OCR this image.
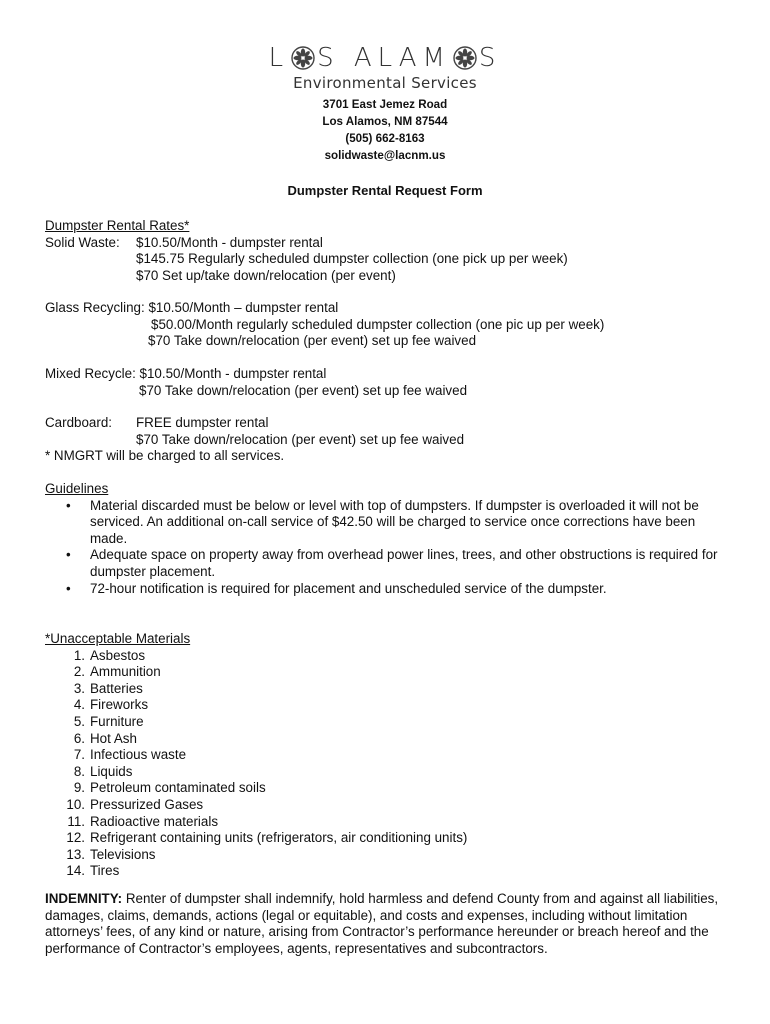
L S ALAM S
Environmental Services
3701 East Jemez Road
Los Alamos, NM 87544
(505) 662-8163
solidwaste@lacnm.us
Dumpster Rental Request Form
Dumpster Rental Rates*
Solid Waste: $10.50/Month - dumpster rental
$145.75 Regularly scheduled dumpster collection (one pick up per week)
$70 Set up/take down/relocation (per event)
Glass Recycling: $10.50/Month – dumpster rental
$50.00/Month regularly scheduled dumpster collection (one pic up per week)
$70 Take down/relocation (per event) set up fee waived
Mixed Recycle: $10.50/Month - dumpster rental
$70 Take down/relocation (per event) set up fee waived
Cardboard: FREE dumpster rental
$70 Take down/relocation (per event) set up fee waived
* NMGRT will be charged to all services.
Guidelines
• Material discarded must be below or level with top of dumpsters. If dumpster is overloaded it will not be serviced. An additional on-call service of $42.50 will be charged to service once corrections have been made.
• Adequate space on property away from overhead power lines, trees, and other obstructions is required for dumpster placement.
• 72-hour notification is required for placement and unscheduled service of the dumpster.
*Unacceptable Materials
1. Asbestos
2. Ammunition
3. Batteries
4. Fireworks
5. Furniture
6. Hot Ash
7. Infectious waste
8. Liquids
9. Petroleum contaminated soils
10. Pressurized Gases
11. Radioactive materials
12. Refrigerant containing units (refrigerators, air conditioning units)
13. Televisions
14. Tires
INDEMNITY: Renter of dumpster shall indemnify, hold harmless and defend County from and against all liabilities, damages, claims, demands, actions (legal or equitable), and costs and expenses, including without limitation attorneys’ fees, of any kind or nature, arising from Contractor’s performance hereunder or breach hereof and the performance of Contractor’s employees, agents, representatives and subcontractors.
